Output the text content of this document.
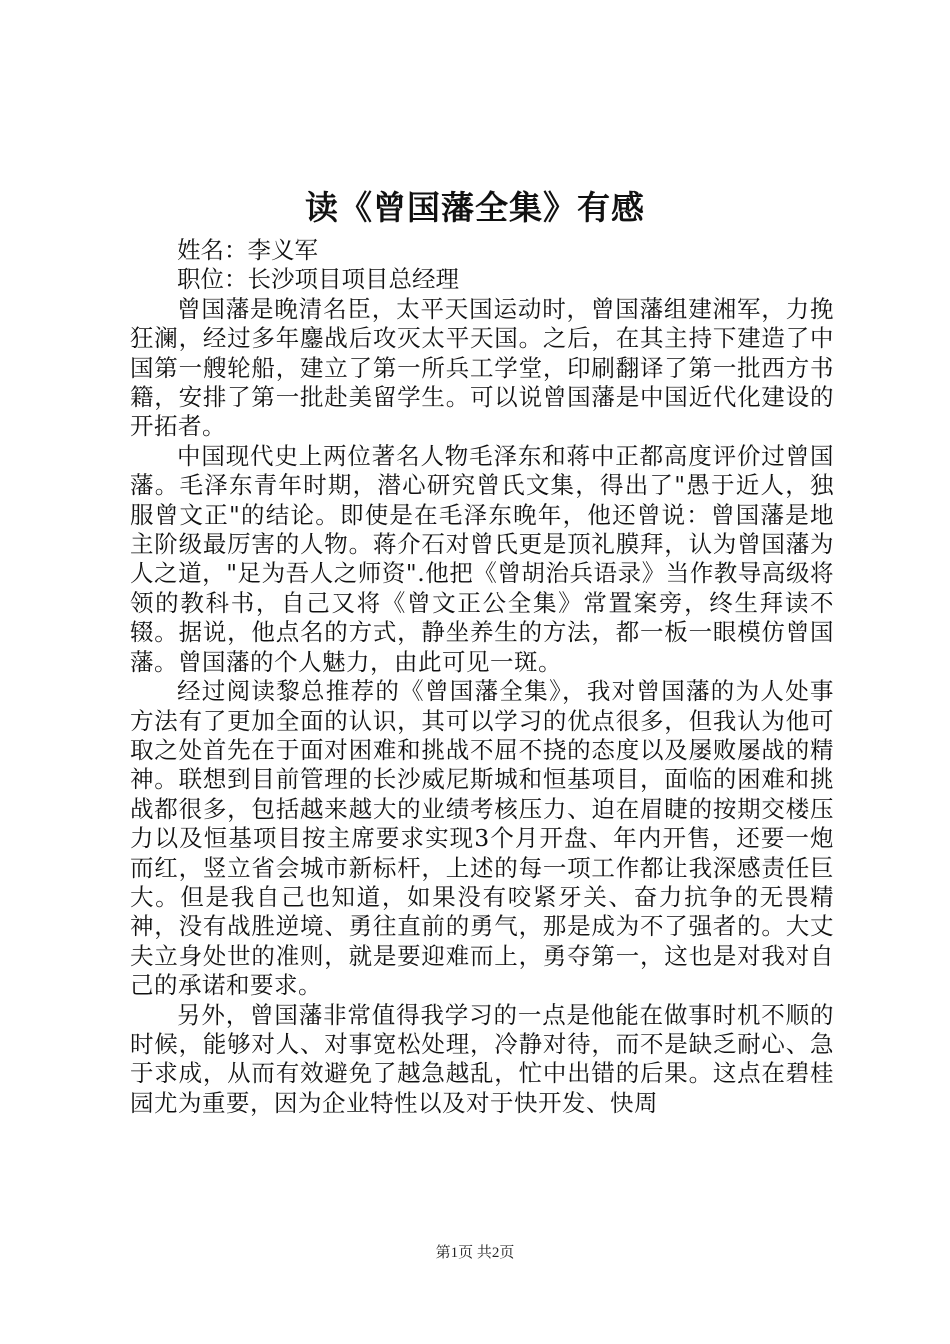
读《曾国藩全集》有感

姓名：李义军

职位：长沙项目项目总经理

曾国藩是晚清名臣，太平天国运动时，曾国藩组建湘军，力挽狂澜，经过多年鏖战后攻灭太平天国。之后，在其主持下建造了中国第一艘轮船，建立了第一所兵工学堂，印刷翻译了第一批西方书籍，安排了第一批赴美留学生。可以说曾国藩是中国近代化建设的开拓者。

中国现代史上两位著名人物毛泽东和蒋中正都高度评价过曾国藩。毛泽东青年时期，潜心研究曾氏文集，得出了"愚于近人，独服曾文正"的结论。即使是在毛泽东晚年，他还曾说：曾国藩是地主阶级最厉害的人物。蒋介石对曾氏更是顶礼膜拜，认为曾国藩为人之道，"足为吾人之师资".他把《曾胡治兵语录》当作教导高级将领的教科书，自己又将《曾文正公全集》常置案旁，终生拜读不辍。据说，他点名的方式，静坐养生的方法，都一板一眼模仿曾国藩。曾国藩的个人魅力，由此可见一斑。

经过阅读黎总推荐的《曾国藩全集》，我对曾国藩的为人处事方法有了更加全面的认识，其可以学习的优点很多，但我认为他可取之处首先在于面对困难和挑战不屈不挠的态度以及屡败屡战的精神。联想到目前管理的长沙威尼斯城和恒基项目，面临的困难和挑战都很多，包括越来越大的业绩考核压力、迫在眉睫的按期交楼压力以及恒基项目按主席要求实现3个月开盘、年内开售，还要一炮而红，竖立省会城市新标杆，上述的每一项工作都让我深感责任巨大。但是我自己也知道，如果没有咬紧牙关、奋力抗争的无畏精神，没有战胜逆境、勇往直前的勇气，那是成为不了强者的。大丈夫立身处世的准则，就是要迎难而上，勇夺第一，这也是对我对自己的承诺和要求。

另外，曾国藩非常值得我学习的一点是他能在做事时机不顺的时候，能够对人、对事宽松处理，冷静对待，而不是缺乏耐心、急于求成，从而有效避免了越急越乱，忙中出错的后果。这点在碧桂园尤为重要，因为企业特性以及对于快开发、快周

第1页 共2页
